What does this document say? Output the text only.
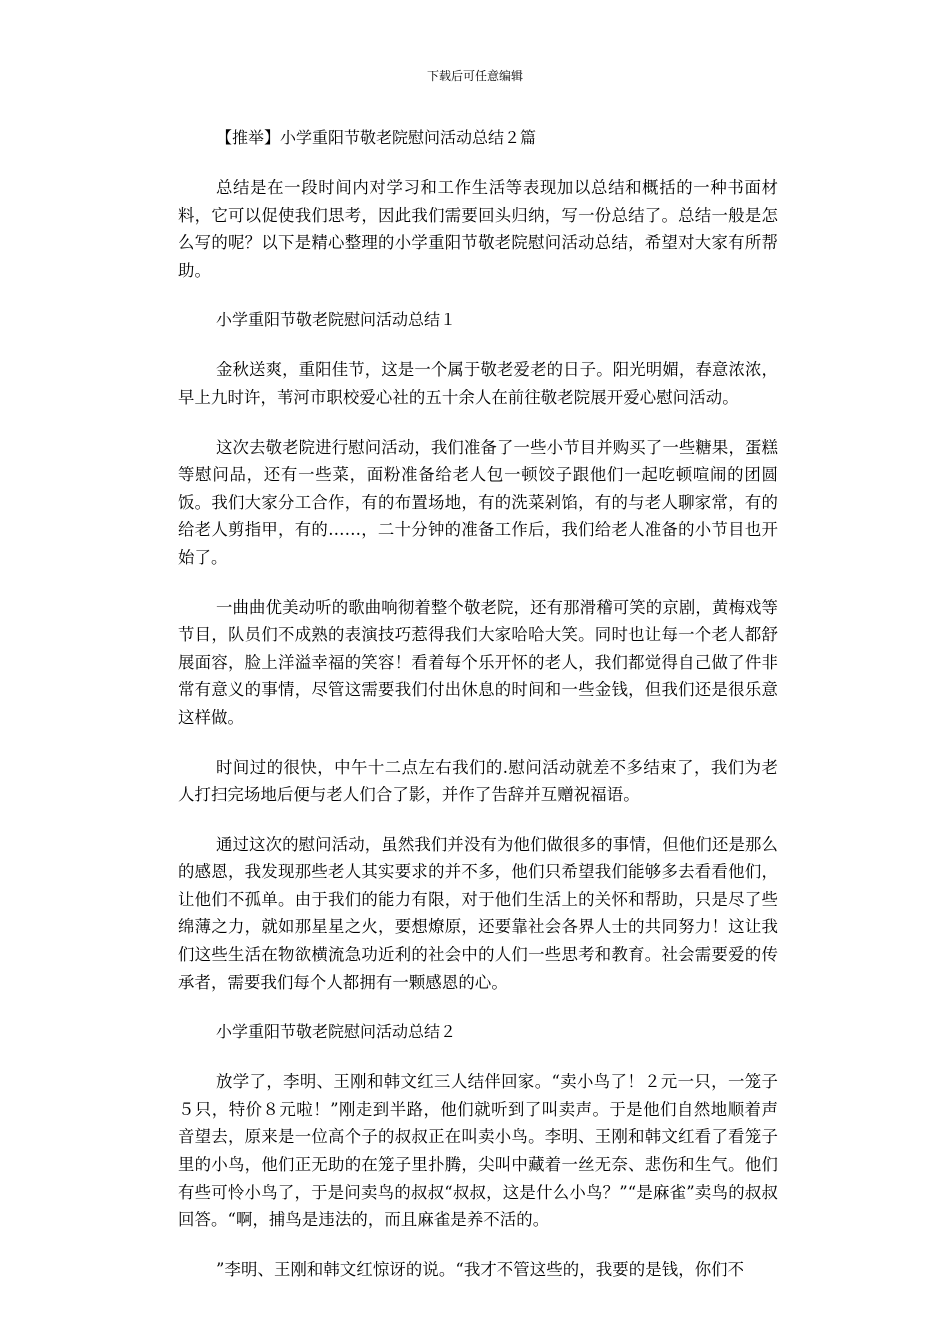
下载后可任意编辑

【推举】小学重阳节敬老院慰问活动总结２篇

总结是在一段时间内对学习和工作生活等表现加以总结和概括的一种书面材料，它可以促使我们思考，因此我们需要回头归纳，写一份总结了。总结一般是怎么写的呢？以下是精心整理的小学重阳节敬老院慰问活动总结，希望对大家有所帮助。

小学重阳节敬老院慰问活动总结１

金秋送爽，重阳佳节，这是一个属于敬老爱老的日子。阳光明媚，春意浓浓，早上九时许，苇河市职校爱心社的五十余人在前往敬老院展开爱心慰问活动。

这次去敬老院进行慰问活动，我们准备了一些小节目并购买了一些糖果，蛋糕等慰问品，还有一些菜，面粉准备给老人包一顿饺子跟他们一起吃顿喧闹的团圆饭。我们大家分工合作，有的布置场地，有的洗菜剁馅，有的与老人聊家常，有的给老人剪指甲，有的……，二十分钟的准备工作后，我们给老人准备的小节目也开始了。

一曲曲优美动听的歌曲响彻着整个敬老院，还有那滑稽可笑的京剧，黄梅戏等节目，队员们不成熟的表演技巧惹得我们大家哈哈大笑。同时也让每一个老人都舒展面容，脸上洋溢幸福的笑容！看着每个乐开怀的老人，我们都觉得自己做了件非常有意义的事情，尽管这需要我们付出休息的时间和一些金钱，但我们还是很乐意这样做。

时间过的很快，中午十二点左右我们的.慰问活动就差不多结束了，我们为老人打扫完场地后便与老人们合了影，并作了告辞并互赠祝福语。

通过这次的慰问活动，虽然我们并没有为他们做很多的事情，但他们还是那么的感恩，我发现那些老人其实要求的并不多，他们只希望我们能够多去看看他们，让他们不孤单。由于我们的能力有限，对于他们生活上的关怀和帮助，只是尽了些绵薄之力，就如那星星之火，要想燎原，还要靠社会各界人士的共同努力！这让我们这些生活在物欲横流急功近利的社会中的人们一些思考和教育。社会需要爱的传承者，需要我们每个人都拥有一颗感恩的心。

小学重阳节敬老院慰问活动总结２

放学了，李明、王刚和韩文红三人结伴回家。“卖小鸟了！２元一只，一笼子５只，特价８元啦！”刚走到半路，他们就听到了叫卖声。于是他们自然地顺着声音望去，原来是一位高个子的叔叔正在叫卖小鸟。李明、王刚和韩文红看了看笼子里的小鸟，他们正无助的在笼子里扑腾，尖叫中藏着一丝无奈、悲伤和生气。他们有些可怜小鸟了，于是问卖鸟的叔叔“叔叔，这是什么小鸟？”“是麻雀”卖鸟的叔叔回答。“啊，捕鸟是违法的，而且麻雀是养不活的。

”李明、王刚和韩文红惊讶的说。“我才不管这些的，我要的是钱，你们不
